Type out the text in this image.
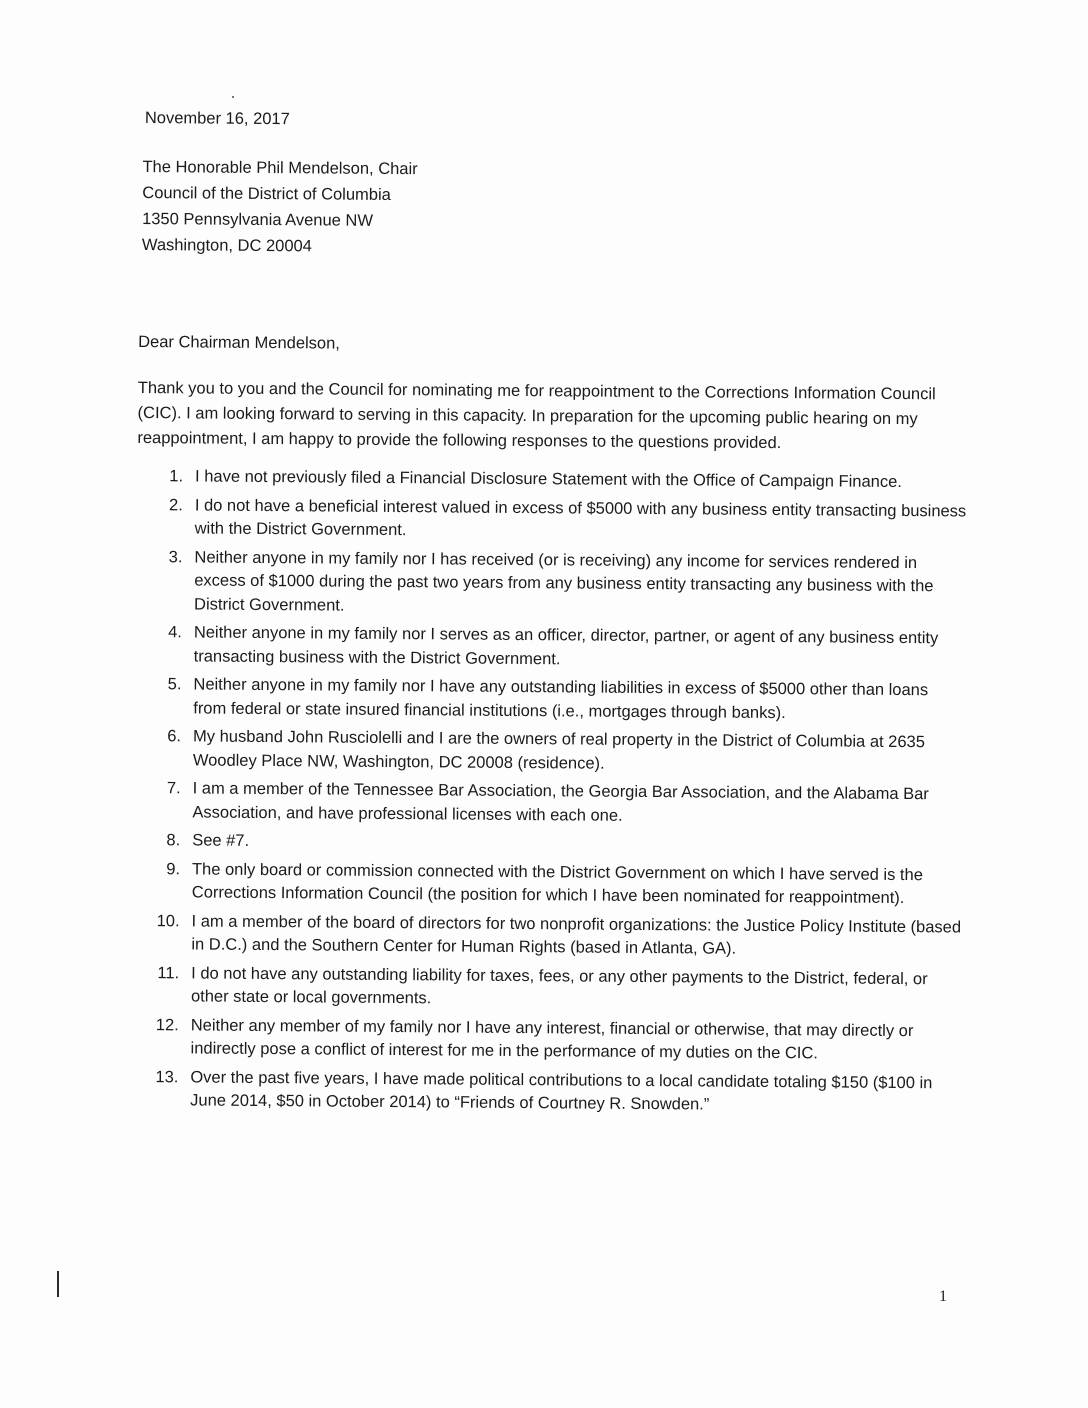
November 16, 2017
The Honorable Phil Mendelson, Chair
Council of the District of Columbia
1350 Pennsylvania Avenue NW
Washington, DC 20004
Dear Chairman Mendelson,
Thank you to you and the Council for nominating me for reappointment to the Corrections Information Council (CIC). I am looking forward to serving in this capacity. In preparation for the upcoming public hearing on my reappointment, I am happy to provide the following responses to the questions provided.
1. I have not previously filed a Financial Disclosure Statement with the Office of Campaign Finance.
2. I do not have a beneficial interest valued in excess of $5000 with any business entity transacting business with the District Government.
3. Neither anyone in my family nor I has received (or is receiving) any income for services rendered in excess of $1000 during the past two years from any business entity transacting any business with the District Government.
4. Neither anyone in my family nor I serves as an officer, director, partner, or agent of any business entity transacting business with the District Government.
5. Neither anyone in my family nor I have any outstanding liabilities in excess of $5000 other than loans from federal or state insured financial institutions (i.e., mortgages through banks).
6. My husband John Rusciolelli and I are the owners of real property in the District of Columbia at 2635 Woodley Place NW, Washington, DC 20008 (residence).
7. I am a member of the Tennessee Bar Association, the Georgia Bar Association, and the Alabama Bar Association, and have professional licenses with each one.
8. See #7.
9. The only board or commission connected with the District Government on which I have served is the Corrections Information Council (the position for which I have been nominated for reappointment).
10. I am a member of the board of directors for two nonprofit organizations: the Justice Policy Institute (based in D.C.) and the Southern Center for Human Rights (based in Atlanta, GA).
11. I do not have any outstanding liability for taxes, fees, or any other payments to the District, federal, or other state or local governments.
12. Neither any member of my family nor I have any interest, financial or otherwise, that may directly or indirectly pose a conflict of interest for me in the performance of my duties on the CIC.
13. Over the past five years, I have made political contributions to a local candidate totaling $150 ($100 in June 2014, $50 in October 2014) to “Friends of Courtney R. Snowden.”
1
